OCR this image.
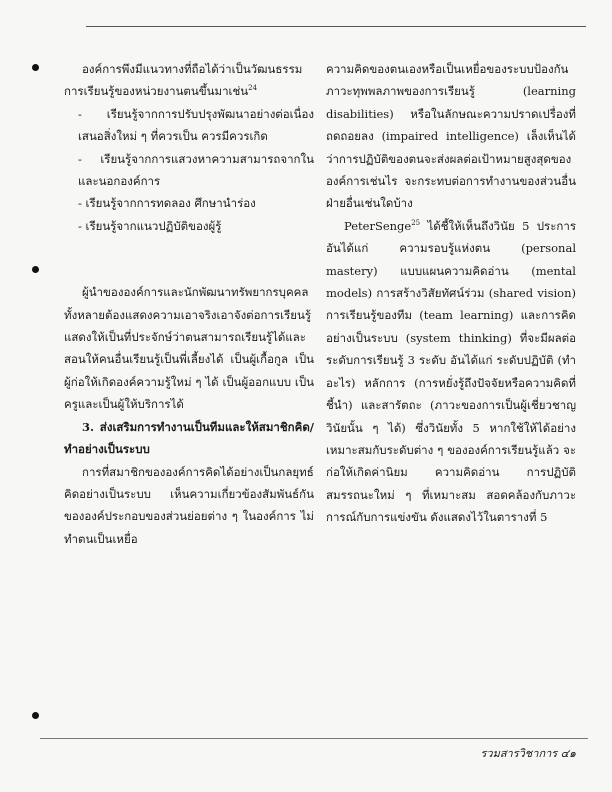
องค์การพึงมีแนวทางที่ถือได้ว่าเป็นวัฒนธรรมการเรียนรู้ของหน่วยงานตนขึ้นมาเช่น$^{24}$

- เรียนรู้จากการปรับปรุงพัฒนาอย่างต่อเนื่อง เสนอสิ่งใหม่ ๆ ที่ควรเป็น ควรมีควรเกิด

- เรียนรู้จากการแสวงหาความสามารถจากในและนอกองค์การ

- เรียนรู้จากการทดลอง ศึกษานำร่อง

- เรียนรู้จากแนวปฏิบัติของผู้รู้

ผู้นำขององค์การและนักพัฒนาทรัพยากรบุคคลทั้งหลายต้องแสดงความเอาจริงเอาจังต่อการเรียนรู้ แสดงให้เป็นที่ประจักษ์ว่าตนสามารถเรียนรู้ได้และสอนให้คนอื่นเรียนรู้เป็นพี่เลี้ยงได้ เป็นผู้เกื้อกูล เป็นผู้ก่อให้เกิดองค์ความรู้ใหม่ ๆ ได้ เป็นผู้ออกแบบ เป็นครูและเป็นผู้ให้บริการได้

3. ส่งเสริมการทำงานเป็นทีมและให้สมาชิกคิด/ทำอย่างเป็นระบบ

การที่สมาชิกขององค์การคิดได้อย่างเป็นกลยุทธ์ คิดอย่างเป็นระบบ เห็นความเกี่ยวข้องสัมพันธ์กันขององค์ประกอบของส่วนย่อยต่าง ๆ ในองค์การ ไม่ทำตนเป็นเหยื่อ

ความคิดของตนเองหรือเป็นเหยื่อของระบบป้องกันภาวะทุพพลภาพของการเรียนรู้ (learning disabilities) หรือในลักษณะความปราดเปรื่องที่ถดถอยลง (impaired intelligence) เล็งเห็นได้ว่าการปฏิบัติของตนจะส่งผลต่อเป้าหมายสูงสุดขององค์การเช่นไร จะกระทบต่อการทำงานของส่วนอื่น ฝ่ายอื่นเช่นใดบ้าง

PeterSenge$^{25}$ ได้ชี้ให้เห็นถึงวินัย 5 ประการอันได้แก่ ความรอบรู้แห่งตน (personal mastery) แบบแผนความคิดอ่าน (mental models) การสร้างวิสัยทัศน์ร่วม (shared vision) การเรียนรู้ของทีม (team learning) และการคิดอย่างเป็นระบบ (system thinking) ที่จะมีผลต่อระดับการเรียนรู้ 3 ระดับ อันได้แก่ ระดับปฏิบัติ (ทำอะไร) หลักการ (การหยั่งรู้ถึงปัจจัยหรือความคิดที่ชี้นำ) และสารัตถะ (ภาวะของการเป็นผู้เชี่ยวชาญวินัยนั้น ๆ ได้) ซึ่งวินัยทั้ง 5 หากใช้ให้ได้อย่างเหมาะสมกับระดับต่าง ๆ ขององค์การเรียนรู้แล้ว จะก่อให้เกิดค่านิยม ความคิดอ่าน การปฏิบัติ สมรรถนะใหม่ ๆ ที่เหมาะสม สอดคล้องกับภาวะการณ์กับการแข่งขัน ดังแสดงไว้ในตารางที่ 5

รวมสารวิชาการ ๔๑
